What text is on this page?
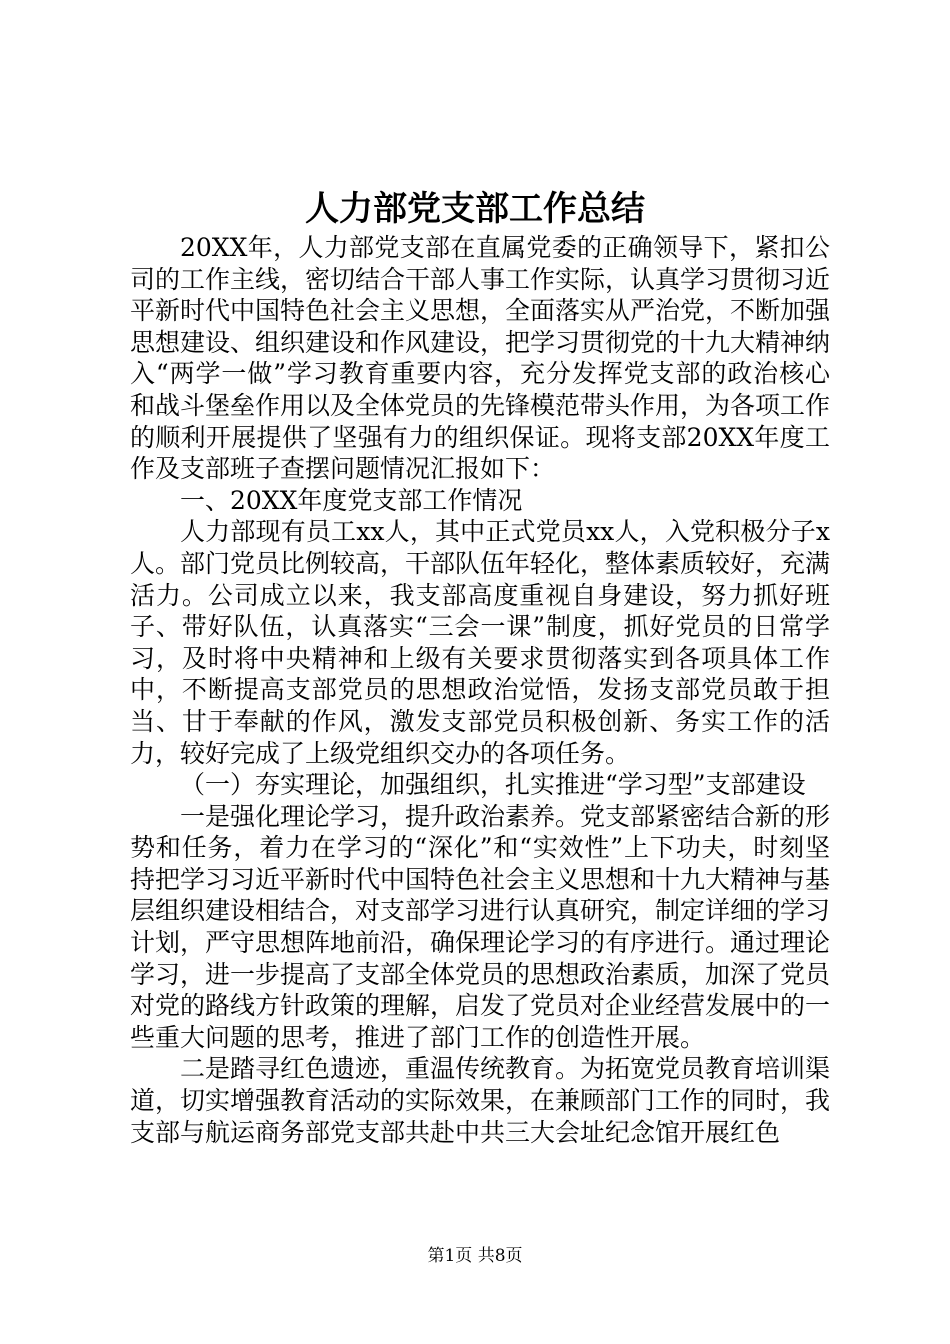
人力部党支部工作总结

20XX年，人力部党支部在直属党委的正确领导下，紧扣公司的工作主线，密切结合干部人事工作实际，认真学习贯彻习近平新时代中国特色社会主义思想，全面落实从严治党，不断加强思想建设、组织建设和作风建设，把学习贯彻党的十九大精神纳入“两学一做”学习教育重要内容，充分发挥党支部的政治核心和战斗堡垒作用以及全体党员的先锋模范带头作用，为各项工作的顺利开展提供了坚强有力的组织保证。现将支部20XX年度工作及支部班子查摆问题情况汇报如下：

一、20XX年度党支部工作情况

人力部现有员工xx人，其中正式党员xx人，入党积极分子x人。部门党员比例较高，干部队伍年轻化，整体素质较好，充满活力。公司成立以来，我支部高度重视自身建设，努力抓好班子、带好队伍，认真落实“三会一课”制度，抓好党员的日常学习，及时将中央精神和上级有关要求贯彻落实到各项具体工作中，不断提高支部党员的思想政治觉悟，发扬支部党员敢于担当、甘于奉献的作风，激发支部党员积极创新、务实工作的活力，较好完成了上级党组织交办的各项任务。

（一）夯实理论，加强组织，扎实推进“学习型”支部建设

一是强化理论学习，提升政治素养。党支部紧密结合新的形势和任务，着力在学习的“深化”和“实效性”上下功夫，时刻坚持把学习习近平新时代中国特色社会主义思想和十九大精神与基层组织建设相结合，对支部学习进行认真研究，制定详细的学习计划，严守思想阵地前沿，确保理论学习的有序进行。通过理论学习，进一步提高了支部全体党员的思想政治素质，加深了党员对党的路线方针政策的理解，启发了党员对企业经营发展中的一些重大问题的思考，推进了部门工作的创造性开展。

二是踏寻红色遗迹，重温传统教育。为拓宽党员教育培训渠道，切实增强教育活动的实际效果，在兼顾部门工作的同时，我支部与航运商务部党支部共赴中共三大会址纪念馆开展红色

第1页 共8页
